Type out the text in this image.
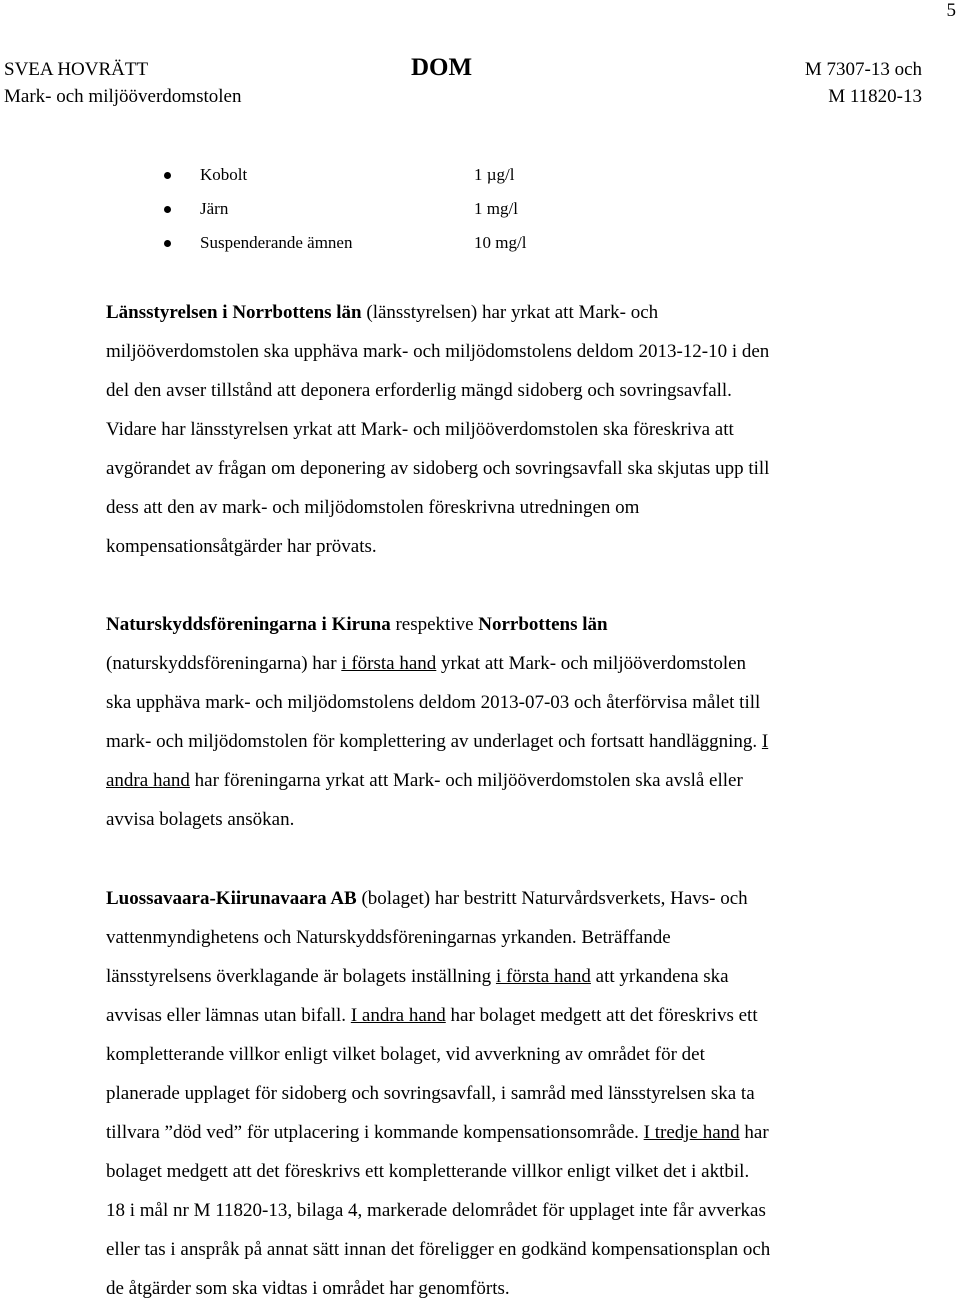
5
SVEA HOVRÄTT
Mark- och miljööverdomstolen
DOM	M 7307-13 och
M 11820-13
Kobolt	1 µg/l
Järn	1 mg/l
Suspenderande ämnen	10 mg/l
Länsstyrelsen i Norrbottens län (länsstyrelsen) har yrkat att Mark- och
miljööverdomstolen ska upphäva mark- och miljödomstolens deldom 2013-12-10 i den
del den avser tillstånd att deponera erforderlig mängd sidoberg och sovringsavfall.
Vidare har länsstyrelsen yrkat att Mark- och miljööverdomstolen ska föreskriva att
avgörandet av frågan om deponering av sidoberg och sovringsavfall ska skjutas upp till
dess att den av mark- och miljödomstolen föreskrivna utredningen om
kompensationsåtgärder har prövats.
Naturskyddsföreningarna i Kiruna respektive Norrbottens län
(naturskyddsföreningarna) har i första hand yrkat att Mark- och miljööverdomstolen
ska upphäva mark- och miljödomstolens deldom 2013-07-03 och återförvisa målet till
mark- och miljödomstolen för komplettering av underlaget och fortsatt handläggning. I
andra hand har föreningarna yrkat att Mark- och miljööverdomstolen ska avslå eller
avvisa bolagets ansökan.
Luossavaara-Kiirunavaara AB (bolaget) har bestritt Naturvårdsverkets, Havs- och
vattenmyndighetens och Naturskyddsföreningarnas yrkanden. Beträffande
länsstyrelsens överklagande är bolagets inställning i första hand att yrkandena ska
avvisas eller lämnas utan bifall. I andra hand har bolaget medgett att det föreskrivs ett
kompletterande villkor enligt vilket bolaget, vid avverkning av området för det
planerade upplaget för sidoberg och sovringsavfall, i samråd med länsstyrelsen ska ta
tillvara ”död ved” för utplacering i kommande kompensationsområde. I tredje hand har
bolaget medgett att det föreskrivs ett kompletterande villkor enligt vilket det i aktbil.
18 i mål nr M 11820-13, bilaga 4, markerade delområdet för upplaget inte får avverkas
eller tas i anspråk på annat sätt innan det föreligger en godkänd kompensationsplan och
de åtgärder som ska vidtas i området har genomförts.
